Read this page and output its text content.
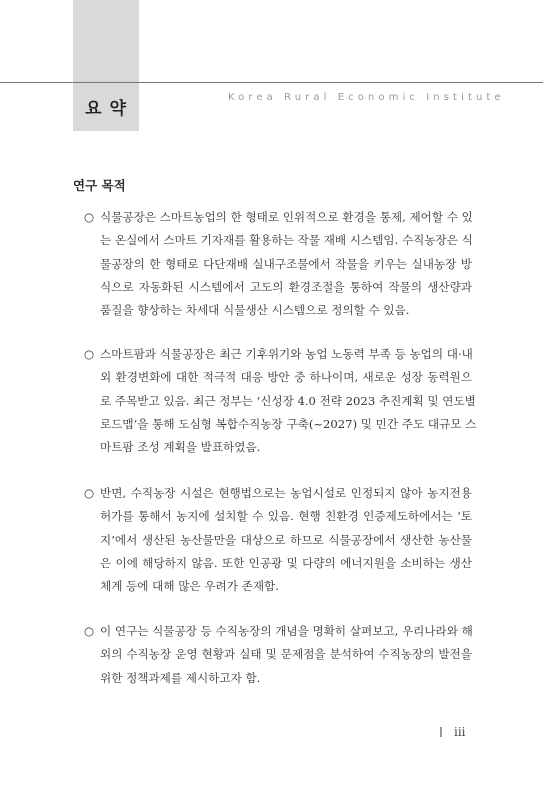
요 약
Korea Rural Economic Institute
연구 목적
○ 식물공장은 스마트농업의 한 형태로 인위적으로 환경을 통제, 제어할 수 있
는 온실에서 스마트 기자재를 활용하는 작물 재배 시스템임. 수직농장은 식
물공장의 한 형태로 다단재배 실내구조물에서 작물을 키우는 실내농장 방
식으로 자동화된 시스템에서 고도의 환경조절을 통하여 작물의 생산량과
품질을 향상하는 차세대 식물생산 시스템으로 정의할 수 있음.
○ 스마트팜과 식물공장은 최근 기후위기와 농업 노동력 부족 등 농업의 대·내
외 환경변화에 대한 적극적 대응 방안 중 하나이며, 새로운 성장 동력원으
로 주목받고 있음. 최근 정부는 ‘신성장 4.0 전략 2023 추진계획 및 연도별
로드맵’을 통해 도심형 복합수직농장 구축(~2027) 및 민간 주도 대규모 스
마트팜 조성 계획을 발표하였음.
○ 반면, 수직농장 시설은 현행법으로는 농업시설로 인정되지 않아 농지전용
허가를 통해서 농지에 설치할 수 있음. 현행 친환경 인증제도하에서는 ‘토
지’에서 생산된 농산물만을 대상으로 하므로 식물공장에서 생산한 농산물
은 이에 해당하지 않음. 또한 인공광 및 다량의 에너지원을 소비하는 생산
체계 등에 대해 많은 우려가 존재함.
○ 이 연구는 식물공장 등 수직농장의 개념을 명확히 살펴보고, 우리나라와 해
외의 수직농장 운영 현황과 실태 및 문제점을 분석하여 수직농장의 발전을
위한 정책과제를 제시하고자 함.
iii
